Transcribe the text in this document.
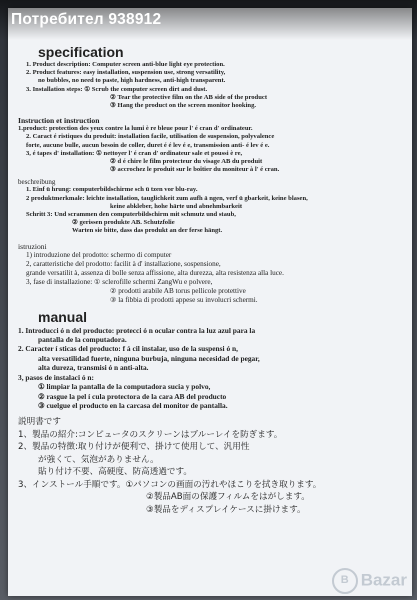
Потребител 938912
specification
1. Product description: Computer screen anti-blue light eye protection.
2. Product features: easy installation, suspension use, strong versatility,
no bubbles, no need to paste, high hardness, anti-high transparent.
3. Installation steps: ① Scrub the computer screen dirt and dust.
② Tear the protective film on the AB side of the product
③ Hang the product on the screen monitor hooking.
Instruction et instruction
1.product: protection des yeux contre la lumi è re bleue pour l' é cran d' ordinateur.
2. Caract é ristiques du produit: installation facile, utilisation de suspension, polyvalence
forte, aucune bulle, aucun besoin de coller, duret é é lev é e, transmission anti- é lev é e.
3, é tapes d' installation: ① nettoyer l' é cran d' ordinateur sale et poussi è re,
② d é chire le film protecteur du visage AB du produit
③ accrochez le produit sur le boîtier du moniteur à l' é cran.
beschreibung
1. Einf ü hrung: computerbildschirme sch ü tzen vor blu-ray.
2 produktmerkmale: leichte installation, tauglichkeit zum aufh ä ngen, verf ü gbarkeit, keine blasen,
keine abkleber, hohe härte und abnehmbarkeit
Schritt 3: Und scrammen den computerbildschirm mit schmutz und staub,
② gerissen produkte AB. Schutzfolie
Warten sie bitte, dass das produkt an der ferse hängt.
istruzioni
1) introduzione del prodotto: schermo di computer
2, caratteristiche del prodotto: facilit à d' installazione, sospensione,
grande versatilit à, assenza di bolle senza affissione, alta durezza, alta resistenza alla luce.
3, fase di installazione: ① sclerofille schermi ZangWu e polvere,
② prodotti arabile AB torus pellicole protettive
③ la fibbia di prodotti appese su involucri schermi.
manual
1. Introducci ó n del producto: protecci ó n ocular contra la luz azul para la
pantalla de la computadora.
2. Caracter í sticas del producto: f á cil instalar, uso de la suspensi ó n,
alta versatilidad fuerte, ninguna burbuja, ninguna necesidad de pegar,
alta dureza, transmisi ó n anti-alta.
3, pasos de instalaci ó n:
① limpiar la pantalla de la computadora sucia y polvo,
② rasgue la pel í cula protectora de la cara AB del producto
③ cuelgue el producto en la carcasa del monitor de pantalla.
説明書です
1、製品の紹介:コンピュータのスクリーンはブルーレイを防ぎます。
2、製品の特徴:取り付けが便利で、掛けて使用して、汎用性
が強くて、気泡がありません。
貼り付け不要、高硬度、防高透過です。
3、インストール手順です。①パソコンの画面の汚れやほこりを拭き取ります。
②製品AB面の保護フィルムをはがします。
③製品をディスプレイケースに掛けます。
B Bazar
